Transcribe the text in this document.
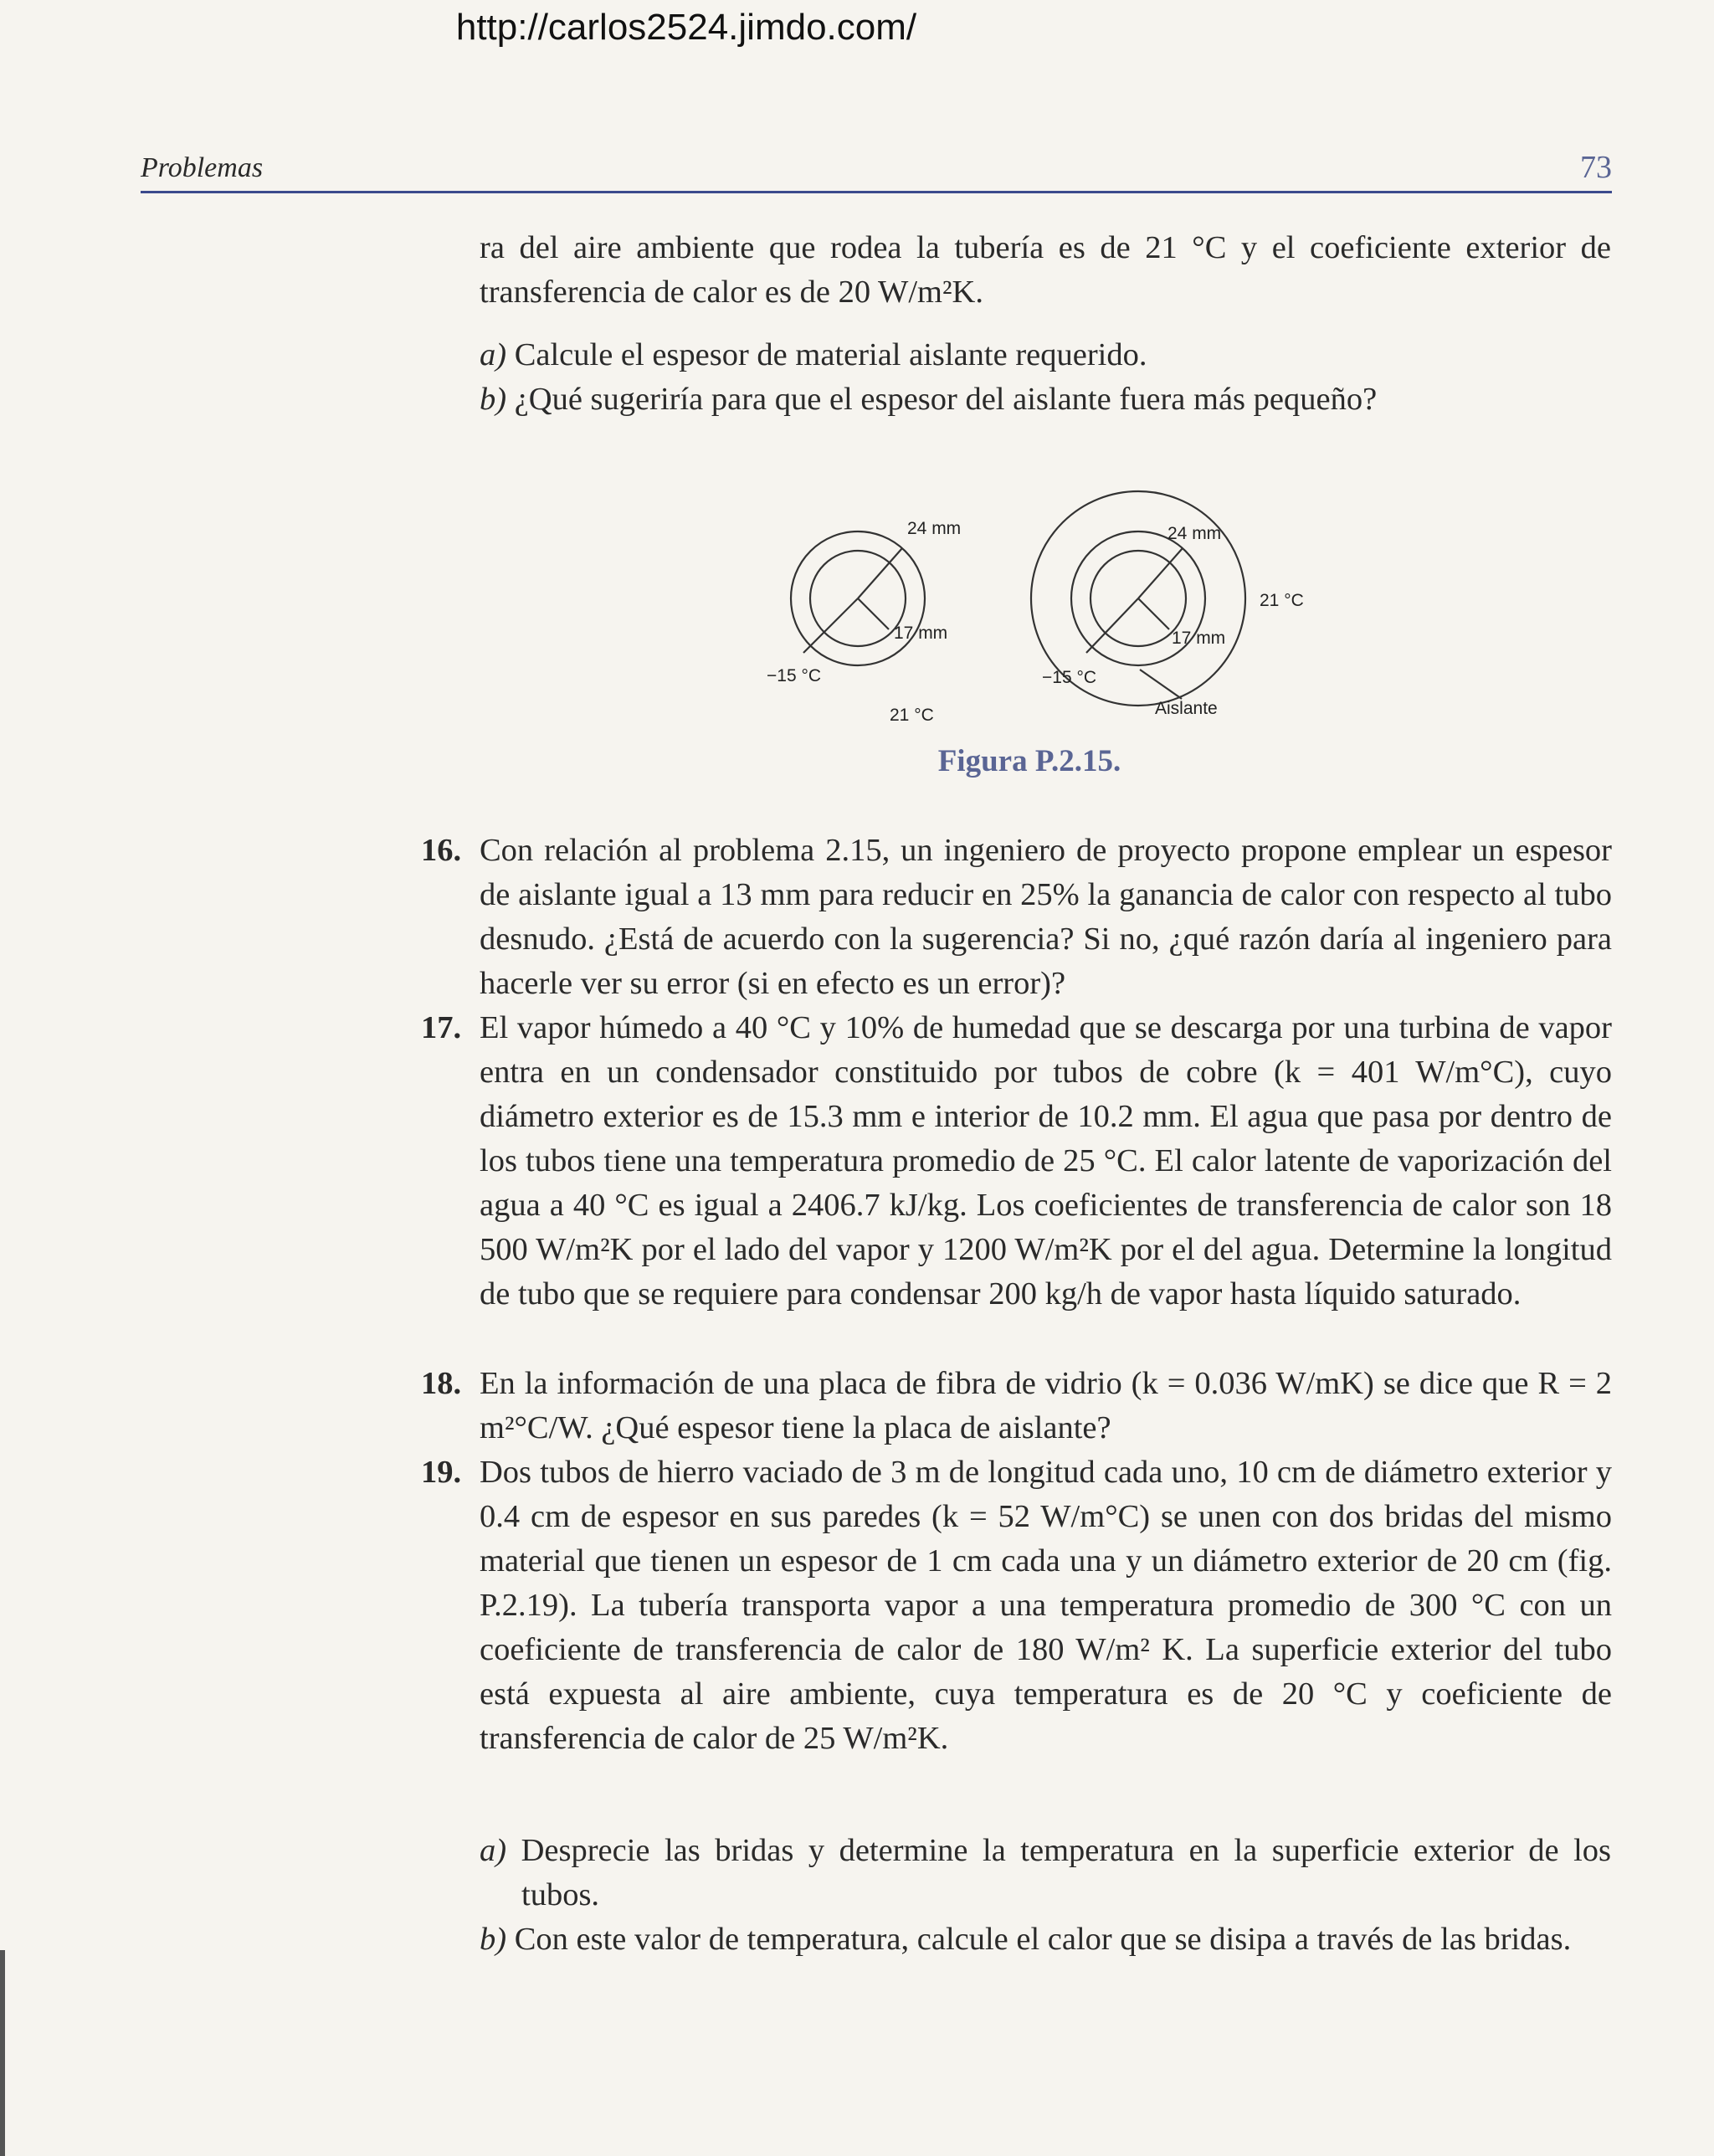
http://carlos2524.jimdo.com/
Problemas	73
ra del aire ambiente que rodea la tubería es de 21 °C y el coeficiente exterior de transferencia de calor es de 20 W/m²K.
a) Calcule el espesor de material aislante requerido.
b) ¿Qué sugeriría para que el espesor del aislante fuera más pequeño?
24 mm
17 mm
−15 °C
21 °C
24 mm
17 mm
−15 °C
21 °C
Aislante
Figura P.2.15.
16. Con relación al problema 2.15, un ingeniero de proyecto propone emplear un espesor de aislante igual a 13 mm para reducir en 25% la ganancia de calor con respecto al tubo desnudo. ¿Está de acuerdo con la sugerencia? Si no, ¿qué razón daría al ingeniero para hacerle ver su error (si en efecto es un error)?
17. El vapor húmedo a 40 °C y 10% de humedad que se descarga por una turbina de vapor entra en un condensador constituido por tubos de cobre (k = 401 W/m°C), cuyo diámetro exterior es de 15.3 mm e interior de 10.2 mm. El agua que pasa por dentro de los tubos tiene una temperatura promedio de 25 °C. El calor latente de vaporización del agua a 40 °C es igual a 2406.7 kJ/kg. Los coeficientes de transferencia de calor son 18 500 W/m²K por el lado del vapor y 1200 W/m²K por el del agua. Determine la longitud de tubo que se requiere para condensar 200 kg/h de vapor hasta líquido saturado.
18. En la información de una placa de fibra de vidrio (k = 0.036 W/mK) se dice que R = 2 m²°C/W. ¿Qué espesor tiene la placa de aislante?
19. Dos tubos de hierro vaciado de 3 m de longitud cada uno, 10 cm de diámetro exterior y 0.4 cm de espesor en sus paredes (k = 52 W/m°C) se unen con dos bridas del mismo material que tienen un espesor de 1 cm cada una y un diámetro exterior de 20 cm (fig. P.2.19). La tubería transporta vapor a una temperatura promedio de 300 °C con un coeficiente de transferencia de calor de 180 W/m² K. La superficie exterior del tubo está expuesta al aire ambiente, cuya temperatura es de 20 °C y coeficiente de transferencia de calor de 25 W/m²K.
a) Desprecie las bridas y determine la temperatura en la superficie exterior de los tubos.
b) Con este valor de temperatura, calcule el calor que se disipa a través de las bridas.
